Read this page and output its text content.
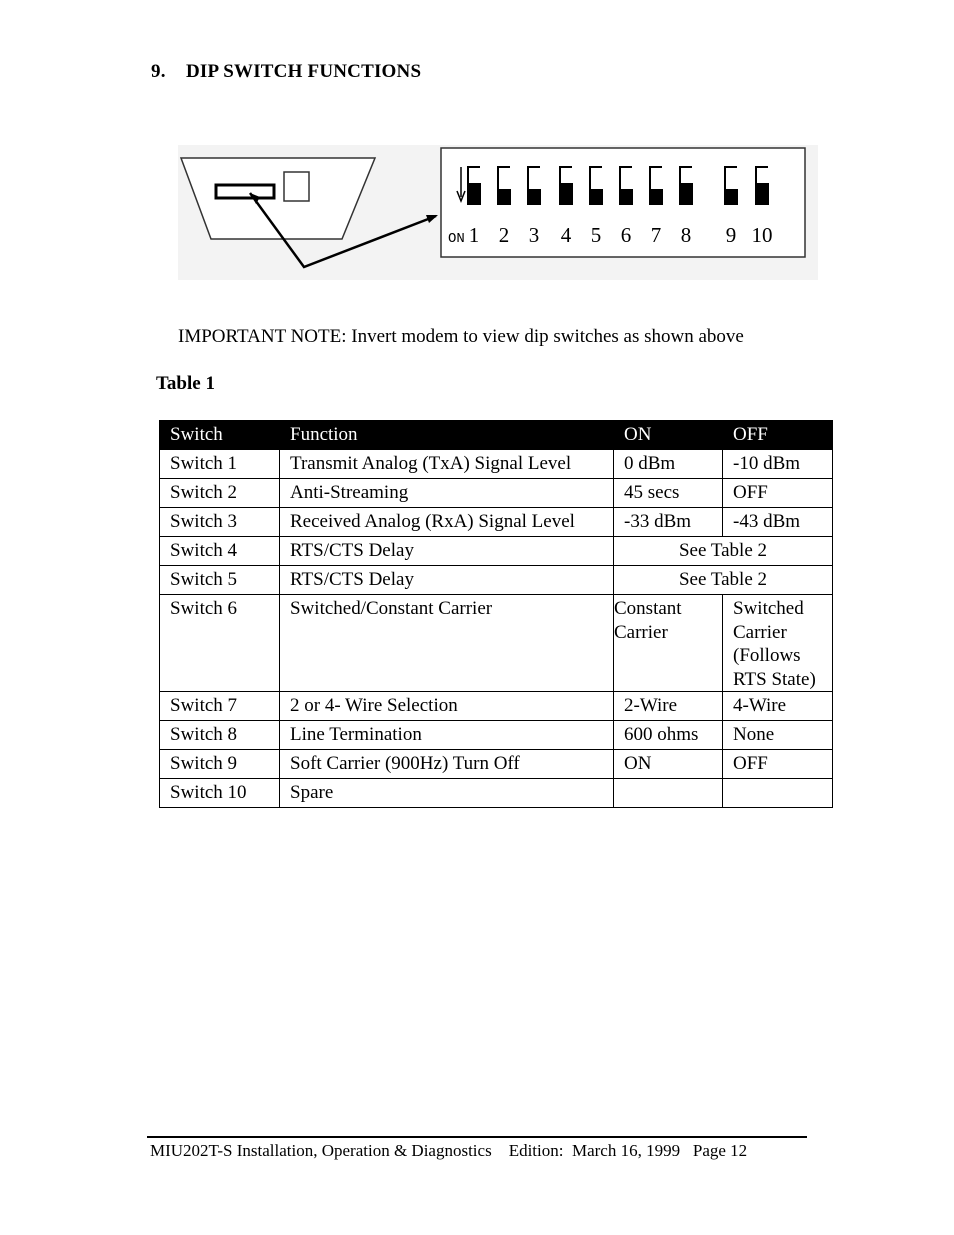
9. DIP SWITCH FUNCTIONS
ON 1 2 3 4 5 6 7 8 9 10
IMPORTANT NOTE: Invert modem to view dip switches as shown above
Table 1
Switch	Function	ON	OFF
Switch 1	Transmit Analog (TxA) Signal Level	0 dBm	-10 dBm
Switch 2	Anti-Streaming	45 secs	OFF
Switch 3	Received Analog (RxA) Signal Level	-33 dBm	-43 dBm
Switch 4	RTS/CTS Delay	See Table 2	
Switch 5	RTS/CTS Delay	See Table 2	
Switch 6	Switched/Constant Carrier	Constant Carrier	Switched Carrier (Follows RTS State)
Switch 7	2 or 4- Wire Selection	2-Wire	4-Wire
Switch 8	Line Termination	600 ohms	None
Switch 9	Soft Carrier (900Hz) Turn Off	ON	OFF
Switch 10	Spare		
MIU202T-S Installation, Operation & Diagnostics Edition:  March 16, 1999 Page 12
